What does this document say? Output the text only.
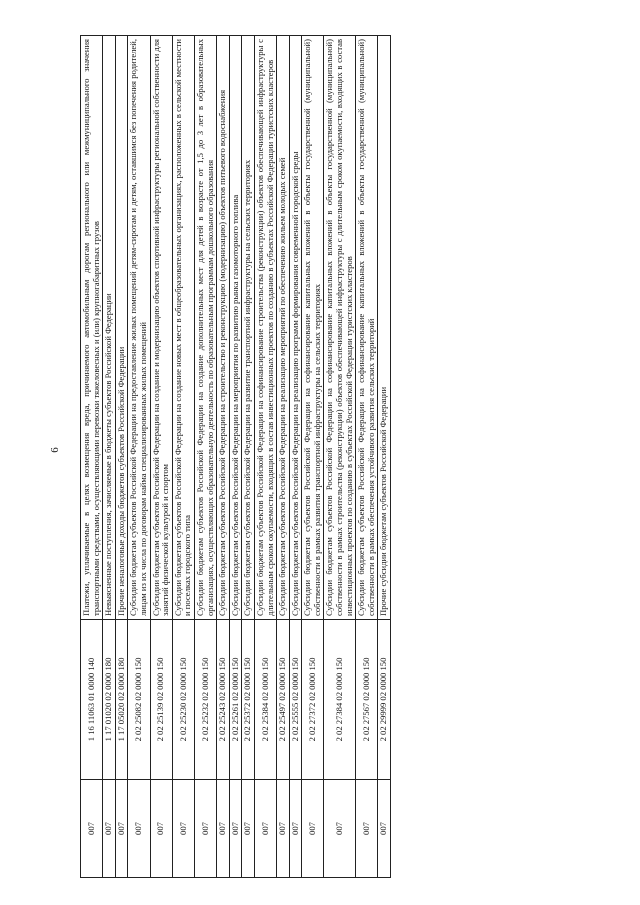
6
007	1 16 11063 01 0000 140	Платежи, уплачиваемые в целях возмещения вреда, причиняемого автомобильным дорогам регионального или межмуниципального значения транспортными средствами, осуществляющими перевозки тяжеловесных и (или) крупногабаритных грузов
007	1 17 01020 02 0000 180	Невыясненные поступления, зачисляемые в бюджеты субъектов Российской Федерации
007	1 17 05020 02 0000 180	Прочие неналоговые доходы бюджетов субъектов Российской Федерации
007	2 02 25082 02 0000 150	Субсидии бюджетам субъектов Российской Федерации на предоставление жилых помещений детям-сиротам и детям, оставшимся без попечения родителей, лицам из их числа по договорам найма специализированных жилых помещений
007	2 02 25139 02 0000 150	Субсидии бюджетам субъектов Российской Федерации на создание и модернизацию объектов спортивной инфраструктуры региональной собственности для занятий физической культурой и спортом
007	2 02 25230 02 0000 150	Субсидии бюджетам субъектов Российской Федерации на создание новых мест в общеобразовательных организациях, расположенных в сельской местности и поселках городского типа
007	2 02 25232 02 0000 150	Субсидии бюджетам субъектов Российской Федерации на создание дополнительных мест для детей в возрасте от 1,5 до 3 лет в образовательных организациях, осуществляющих образовательную деятельность по образовательным программам дошкольного образования
007	2 02 25243 02 0000 150	Субсидии бюджетам субъектов Российской Федерации на строительство и реконструкцию (модернизацию) объектов питьевого водоснабжения
007	2 02 25261 02 0000 150	Субсидии бюджетам субъектов Российской Федерации на мероприятия по развитию рынка газомоторного топлива
007	2 02 25372 02 0000 150	Субсидии бюджетам субъектов Российской Федерации на развитие транспортной инфраструктуры на сельских территориях
007	2 02 25384 02 0000 150	Субсидии бюджетам субъектов Российской Федерации на софинансирование строительства (реконструкции) объектов обеспечивающей инфраструктуры с длительным сроком окупаемости, входящих в состав инвестиционных проектов по созданию в субъектах Российской Федерации туристских кластеров
007	2 02 25497 02 0000 150	Субсидии бюджетам субъектов Российской Федерации на реализацию мероприятий по обеспечению жильем молодых семей
007	2 02 25555 02 0000 150	Субсидии бюджетам субъектов Российской Федерации на реализацию программ формирования современной городской среды
007	2 02 27372 02 0000 150	Субсидии бюджетам субъектов Российской Федерации на софинансирование капитальных вложений в объекты государственной (муниципальной) собственности в рамках развития транспортной инфраструктуры на сельских территориях
007	2 02 27384 02 0000 150	Субсидии бюджетам субъектов Российской Федерации на софинансирование капитальных вложений в объекты государственной (муниципальной) собственности в рамках строительства (реконструкции) объектов обеспечивающей инфраструктуры с длительным сроком окупаемости, входящих в состав инвестиционных проектов по созданию в субъектах Российской Федерации туристских кластеров
007	2 02 27567 02 0000 150	Субсидии бюджетам субъектов Российской Федерации на софинансирование капитальных вложений в объекты государственной (муниципальной) собственности в рамках обеспечения устойчивого развития сельских территорий
007	2 02 29999 02 0000 150	Прочие субсидии бюджетам субъектов Российской Федерации
